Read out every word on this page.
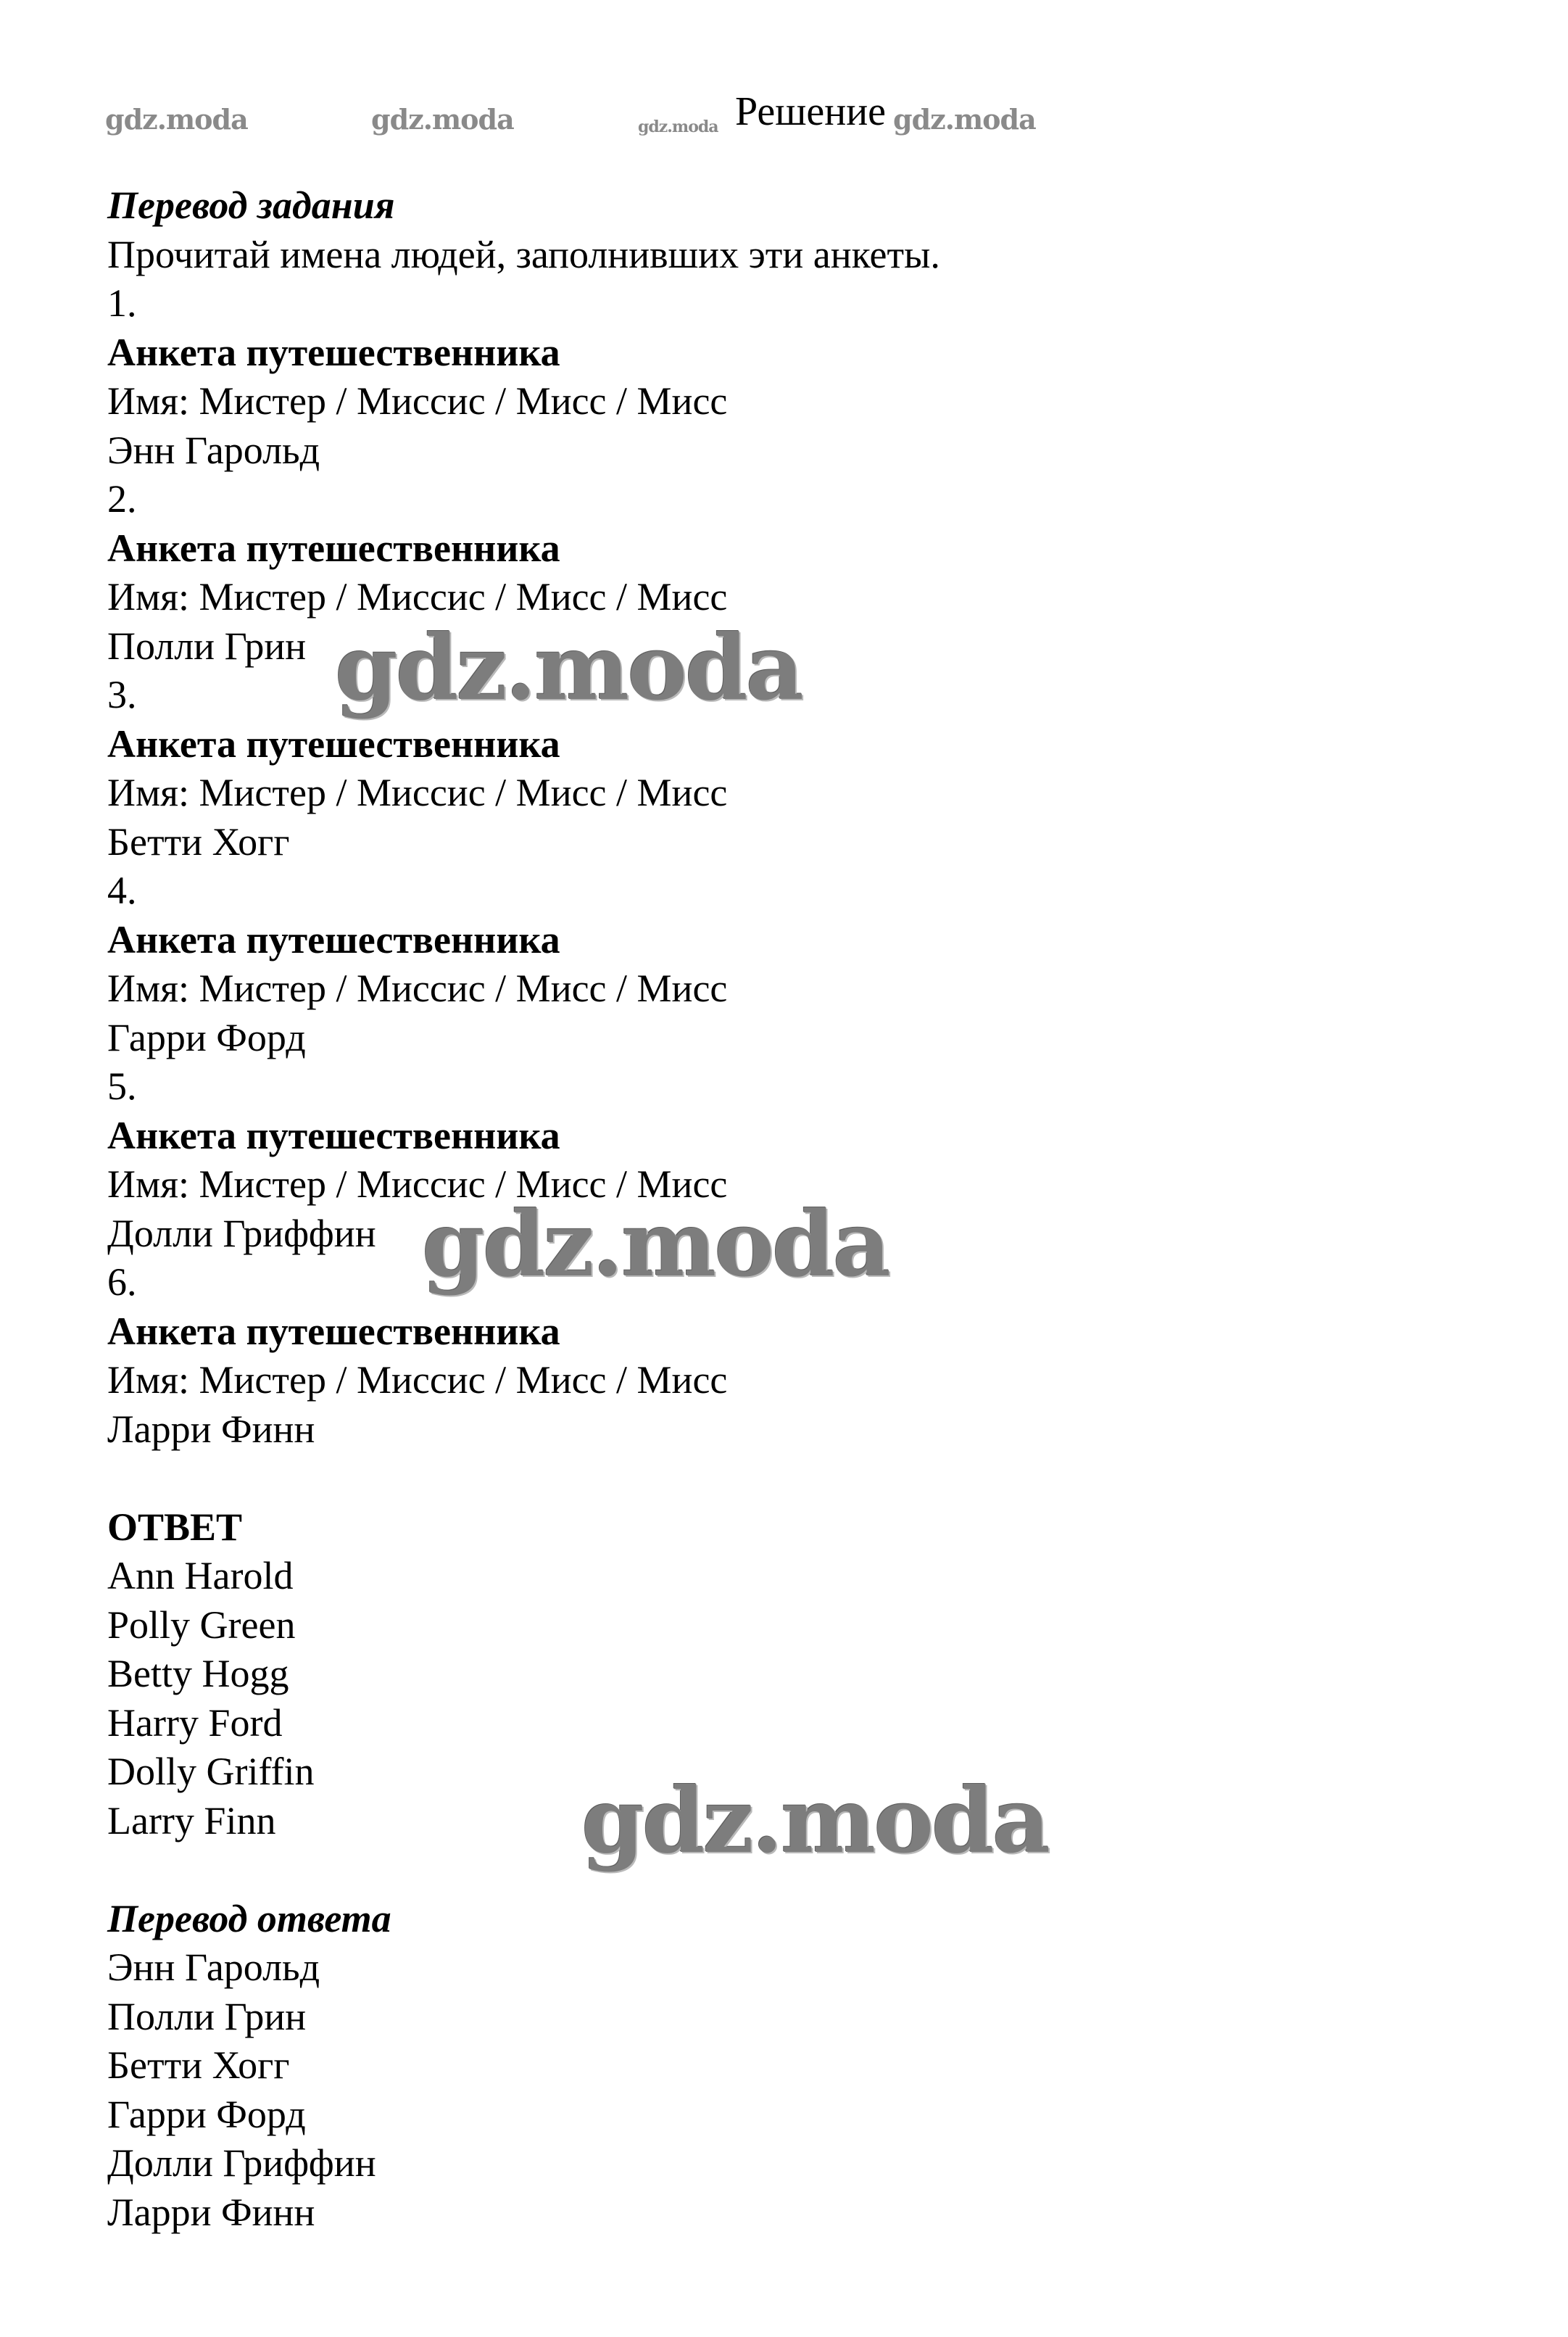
gdz.moda	gdz.moda	gdz.moda Решение gdz.moda
Перевод задания
Прочитай имена людей, заполнивших эти анкеты.
1.
Анкета путешественника
Имя: Мистер / Миссис / Мисс / Мисс
Энн Гарольд
2.
Анкета путешественника
Имя: Мистер / Миссис / Мисс / Мисс
Полли Грин
3.
Анкета путешественника
Имя: Мистер / Миссис / Мисс / Мисс
Бетти Хогг
4.
Анкета путешественника
Имя: Мистер / Миссис / Мисс / Мисс
Гарри Форд
5.
Анкета путешественника
Имя: Мистер / Миссис / Мисс / Мисс
Долли Гриффин
6.
Анкета путешественника
Имя: Мистер / Миссис / Мисс / Мисс
Ларри Финн
ОТВЕТ
Ann Harold
Polly Green
Betty Hogg
Harry Ford
Dolly Griffin
Larry Finn
Перевод ответа
Энн Гарольд
Полли Грин
Бетти Хогг
Гарри Форд
Долли Гриффин
Ларри Финн
gdz.moda
gdz.moda
gdz.moda
